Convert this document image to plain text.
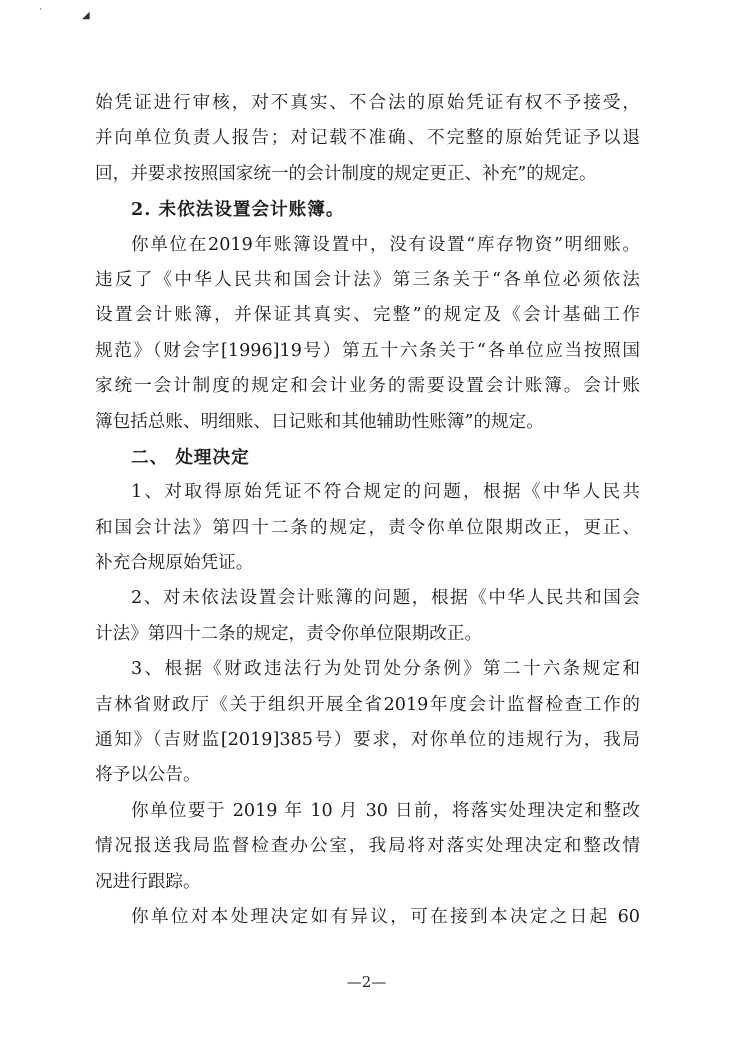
˙	◢
始凭证进行审核，对不真实、不合法的原始凭证有权不予接受，
并向单位负责人报告；对记载不准确、不完整的原始凭证予以退
回，并要求按照国家统一的会计制度的规定更正、补充”的规定。
2. 未依法设置会计账簿。
你单位在2019年账簿设置中，没有设置“库存物资”明细账。
违反了《中华人民共和国会计法》第三条关于“各单位必须依法
设置会计账簿，并保证其真实、完整”的规定及《会计基础工作
规范》（财会字[1996]19号）第五十六条关于“各单位应当按照国
家统一会计制度的规定和会计业务的需要设置会计账簿。会计账
簿包括总账、明细账、日记账和其他辅助性账簿”的规定。
二、 处理决定
1、对取得原始凭证不符合规定的问题，根据《中华人民共
和国会计法》第四十二条的规定，责令你单位限期改正，更正、
补充合规原始凭证。
2、对未依法设置会计账簿的问题，根据《中华人民共和国会
计法》第四十二条的规定，责令你单位限期改正。
3、根据《财政违法行为处罚处分条例》第二十六条规定和
吉林省财政厅《关于组织开展全省2019年度会计监督检查工作的
通知》（吉财监[2019]385号）要求，对你单位的违规行为，我局
将予以公告。
你单位要于 2019 年 10 月 30 日前，将落实处理决定和整改
情况报送我局监督检查办公室，我局将对落实处理决定和整改情
况进行跟踪。
你单位对本处理决定如有异议，可在接到本决定之日起 60
—2—
